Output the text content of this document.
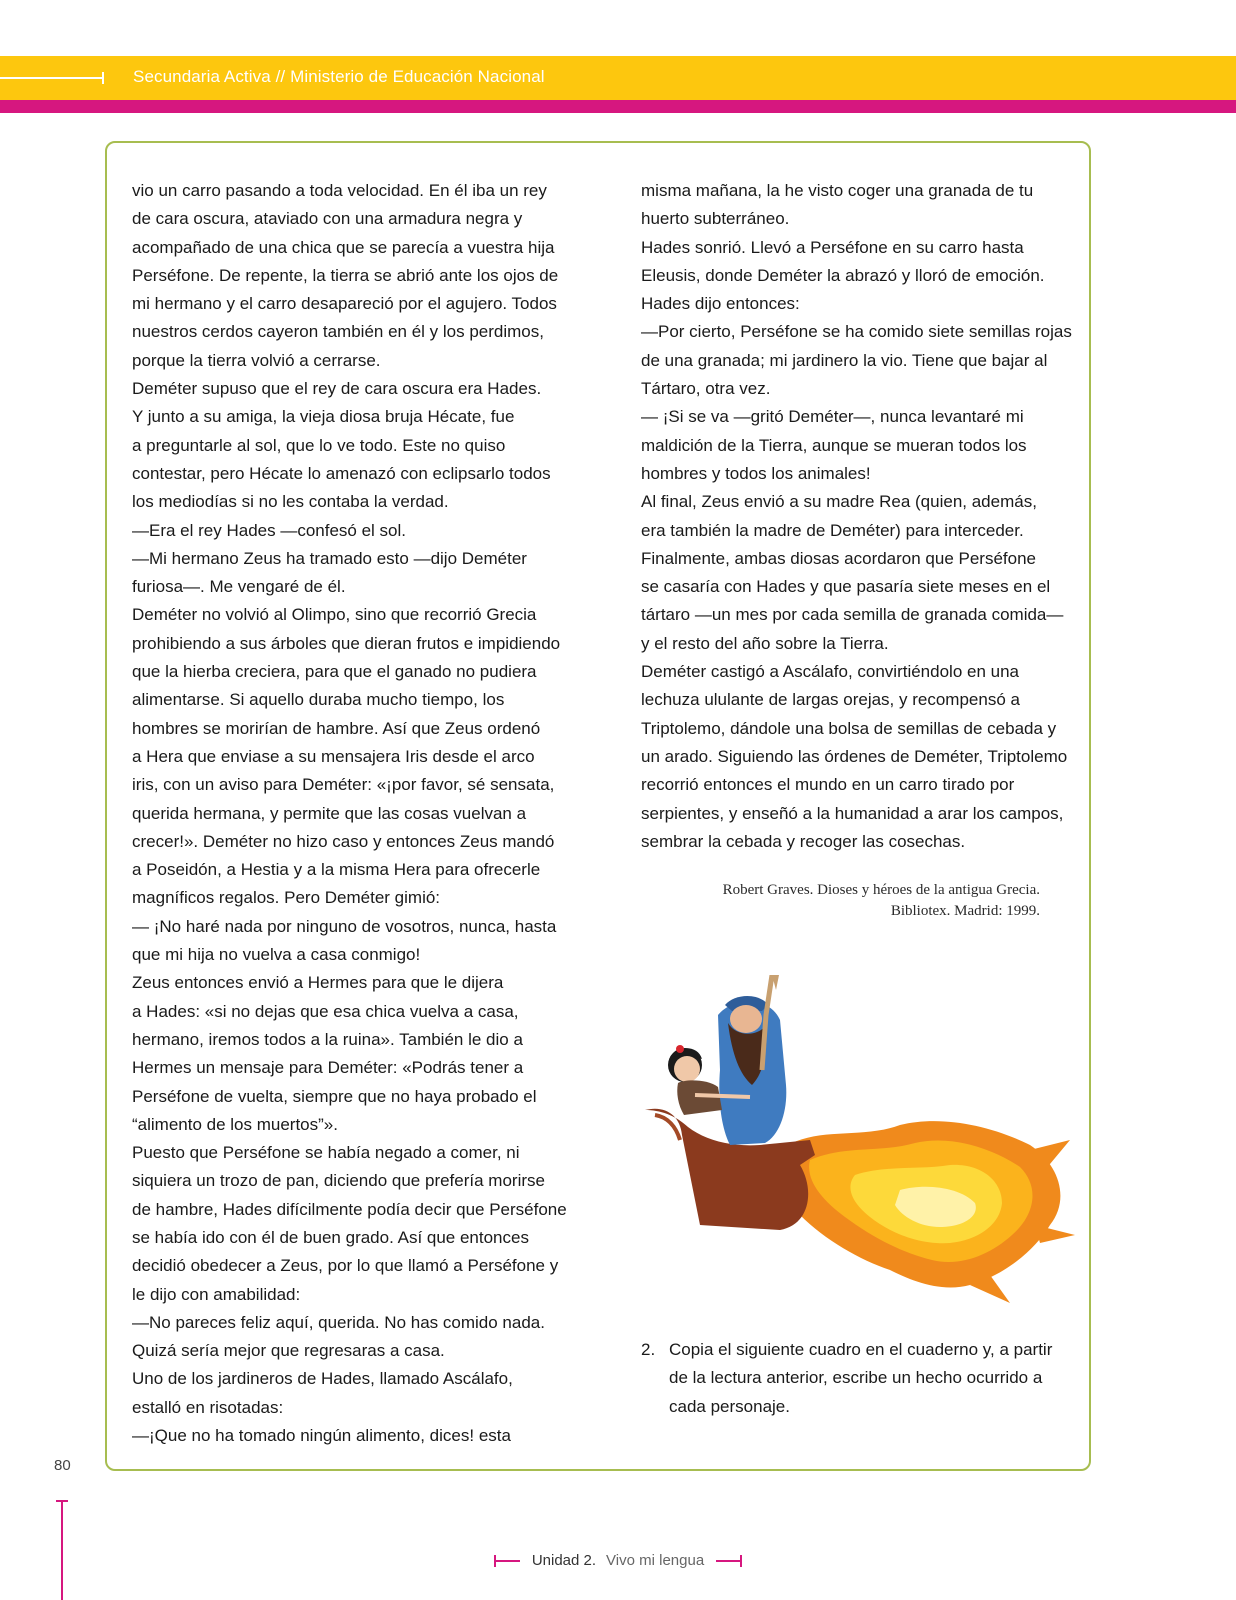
Secundaria Activa // Ministerio de Educación Nacional

vio un carro pasando a toda velocidad. En él iba un rey

de cara oscura, ataviado con una armadura negra y

acompañado de una chica que se parecía a vuestra hija

Perséfone. De repente, la tierra se abrió ante los ojos de

mi hermano y el carro desapareció por el agujero. Todos

nuestros cerdos cayeron también en él y los perdimos,

porque la tierra volvió a cerrarse.

Deméter supuso que el rey de cara oscura era Hades.

Y junto a su amiga, la vieja diosa bruja Hécate, fue

a preguntarle al sol, que lo ve todo. Este no quiso

contestar, pero Hécate lo amenazó con eclipsarlo todos

los mediodías si no les contaba la verdad.

—Era el rey Hades —confesó el sol.

—Mi hermano Zeus ha tramado esto —dijo Deméter

furiosa—. Me vengaré de él.

Deméter no volvió al Olimpo, sino que recorrió Grecia

prohibiendo a sus árboles que dieran frutos e impidiendo

que la hierba creciera, para que el ganado no pudiera

alimentarse. Si aquello duraba mucho tiempo, los

hombres se morirían de hambre. Así que Zeus ordenó

a Hera que enviase a su mensajera Iris desde el arco

iris, con un aviso para Deméter: «¡por favor, sé sensata,

querida hermana, y permite que las cosas vuelvan a

crecer!». Deméter no hizo caso y entonces Zeus mandó

a Poseidón, a Hestia y a la misma Hera para ofrecerle

magníficos regalos. Pero Deméter gimió:

— ¡No haré nada por ninguno de vosotros, nunca, hasta

que mi hija no vuelva a casa conmigo!

Zeus entonces envió a Hermes para que le dijera

a Hades: «si no dejas que esa chica vuelva a casa,

hermano, iremos todos a la ruina». También le dio a

Hermes un mensaje para Deméter: «Podrás tener a

Perséfone de vuelta, siempre que no haya probado el

“alimento de los muertos”».

Puesto que Perséfone se había negado a comer, ni

siquiera un trozo de pan, diciendo que prefería morirse

de hambre, Hades difícilmente podía decir que Perséfone

se había ido con él de buen grado. Así que entonces

decidió obedecer a Zeus, por lo que llamó a Perséfone y

le dijo con amabilidad:

—No pareces feliz aquí, querida. No has comido nada.

Quizá sería mejor que regresaras a casa.

Uno de los jardineros de Hades, llamado Ascálafo,

estalló en risotadas:

—¡Que no ha tomado ningún alimento, dices! esta

misma mañana, la he visto coger una granada de tu

huerto subterráneo.

Hades sonrió. Llevó a Perséfone en su carro hasta

Eleusis, donde Deméter la abrazó y lloró de emoción.

Hades dijo entonces:

—Por cierto, Perséfone se ha comido siete semillas rojas

de una granada; mi jardinero la vio. Tiene que bajar al

Tártaro, otra vez.

— ¡Si se va —gritó Deméter—, nunca levantaré mi

maldición de la Tierra, aunque se mueran todos los

hombres y todos los animales!

Al final, Zeus envió a su madre Rea (quien, además,

era también la madre de Deméter) para interceder.

Finalmente, ambas diosas acordaron que Perséfone

se casaría con Hades y que pasaría siete meses en el

tártaro —un mes por cada semilla de granada comida—

y el resto del año sobre la Tierra.

Deméter castigó a Ascálafo, convirtiéndolo en una

lechuza ululante de largas orejas, y recompensó a

Triptolemo, dándole una bolsa de semillas de cebada y

un arado. Siguiendo las órdenes de Deméter, Triptolemo

recorrió entonces el mundo en un carro tirado por

serpientes, y enseñó a la humanidad a arar los campos,

sembrar la cebada y recoger las cosechas.

Robert Graves. Dioses y héroes de la antigua Grecia.
Bibliotex. Madrid: 1999.
2. Copia el siguiente cuadro en el cuaderno y, a partir
de la lectura anterior, escribe un hecho ocurrido a
cada personaje.
80
Unidad 2. Vivo mi lengua
